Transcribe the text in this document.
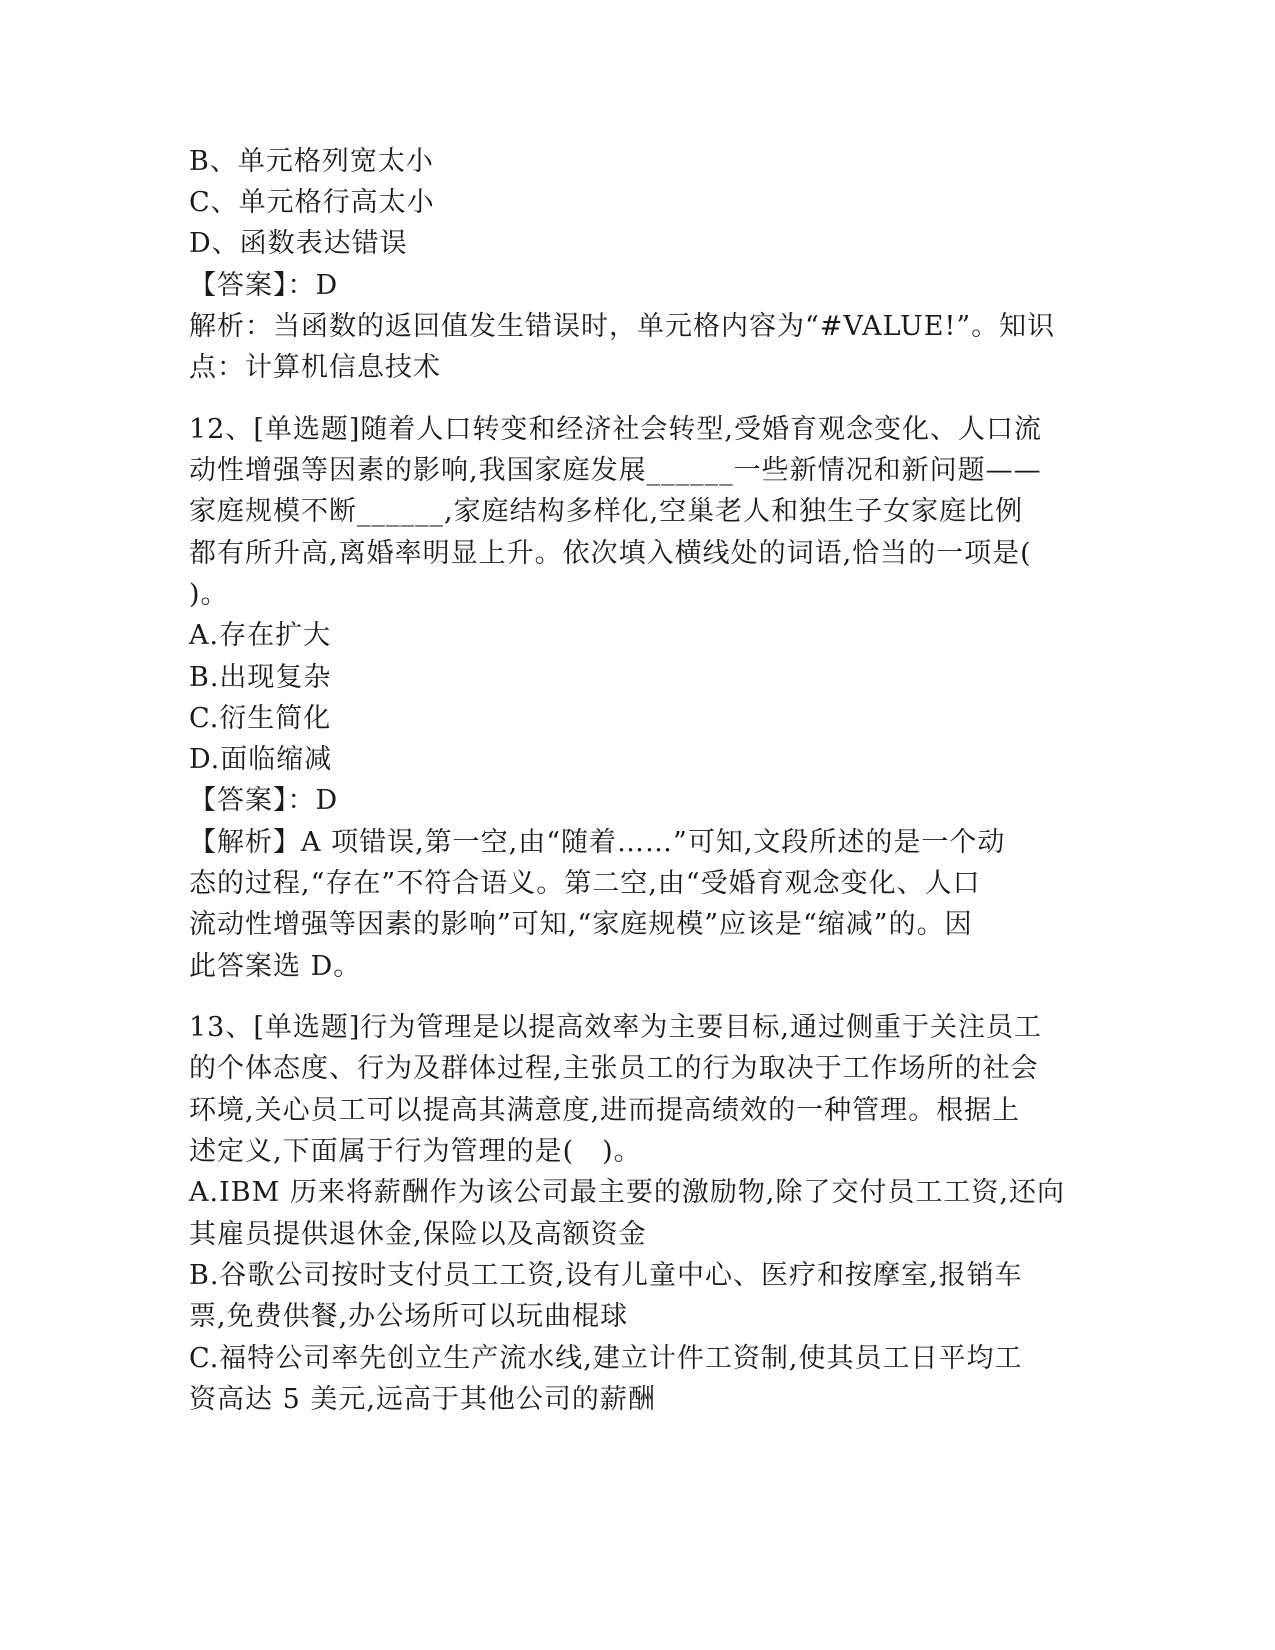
B、单元格列宽太小
C、单元格行高太小
D、函数表达错误
【答案】：D
解析：当函数的返回值发生错误时，单元格内容为“#VALUE!”。知识
点：计算机信息技术
12、[单选题]随着人口转变和经济社会转型,受婚育观念变化、人口流
动性增强等因素的影响,我国家庭发展______一些新情况和新问题——
家庭规模不断______,家庭结构多样化,空巢老人和独生子女家庭比例
都有所升高,离婚率明显上升。依次填入横线处的词语,恰当的一项是(
)。
A.存在扩大
B.出现复杂
C.衍生简化
D.面临缩减
【答案】：D
【解析】A 项错误,第一空,由“随着……”可知,文段所述的是一个动
态的过程,“存在”不符合语义。第二空,由“受婚育观念变化、人口
流动性增强等因素的影响”可知,“家庭规模”应该是“缩减”的。因
此答案选 D。
13、[单选题]行为管理是以提高效率为主要目标,通过侧重于关注员工
的个体态度、行为及群体过程,主张员工的行为取决于工作场所的社会
环境,关心员工可以提高其满意度,进而提高绩效的一种管理。根据上
述定义,下面属于行为管理的是(　)。
A.IBM 历来将薪酬作为该公司最主要的激励物,除了交付员工工资,还向
其雇员提供退休金,保险以及高额资金
B.谷歌公司按时支付员工工资,设有儿童中心、医疗和按摩室,报销车
票,免费供餐,办公场所可以玩曲棍球
C.福特公司率先创立生产流水线,建立计件工资制,使其员工日平均工
资高达 5 美元,远高于其他公司的薪酬
